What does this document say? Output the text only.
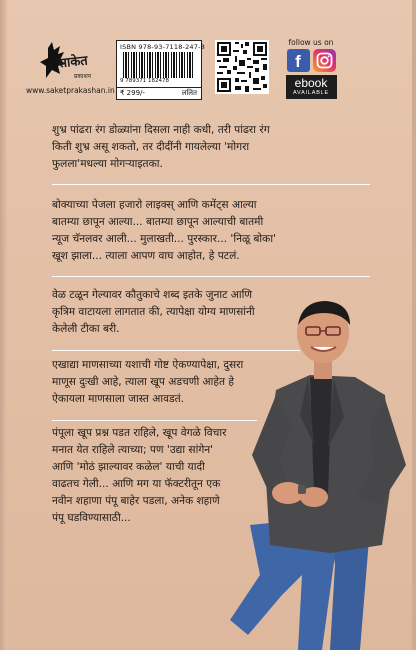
साकेत
प्रकाशन
www.saketprakashan.in
ISBN 978-93-7118-247-8
9 789371 182478
₹ 299/-	ललित
follow us on
f
ebook
AVAILABLE
शुभ्र पांढरा रंग डोळ्यांना दिसला नाही कधी, तरी पांढरा रंग
किती शुभ्र असू शकतो, तर दीदींनी गायलेल्या 'मोगरा
फुलला'मधल्या मोगऱ्याइतका.
बोक्याच्या पेजला हजारो लाइक्स् आणि कमेंट्स आल्या
बातम्या छापून आल्या... बातम्या छापून आल्याची बातमी
न्यूज चॅनलवर आली... मुलाखती... पुरस्कार... 'निळू बोका'
खूश झाला... त्याला आपण वाघ आहोत, हे पटलं.
वेळ टळून गेल्यावर कौतुकाचे शब्द इतके जुनाट आणि
कृत्रिम वाटायला लागतात की, त्यापेक्षा योग्य माणसांनी
केलेली टीका बरी.
एखाद्या माणसाच्या यशाची गोष्ट ऐकण्यापेक्षा, दुसरा
माणूस दुःखी आहे, त्याला खूप अडचणी आहेत हे
ऐकायला माणसाला जास्त आवडतं.
पंपूला खूप प्रश्न पडत राहिले, खूप वेगळे विचार
मनात येत राहिले त्याच्या; पण 'उद्या सांगेन'
आणि 'मोठं झाल्यावर कळेल' याची यादी
वाढतच गेली... आणि मग या फॅक्टरीतून एक
नवीन शहाणा पंपू बाहेर पडला, अनेक शहाणे
पंपू घडविण्यासाठी...
